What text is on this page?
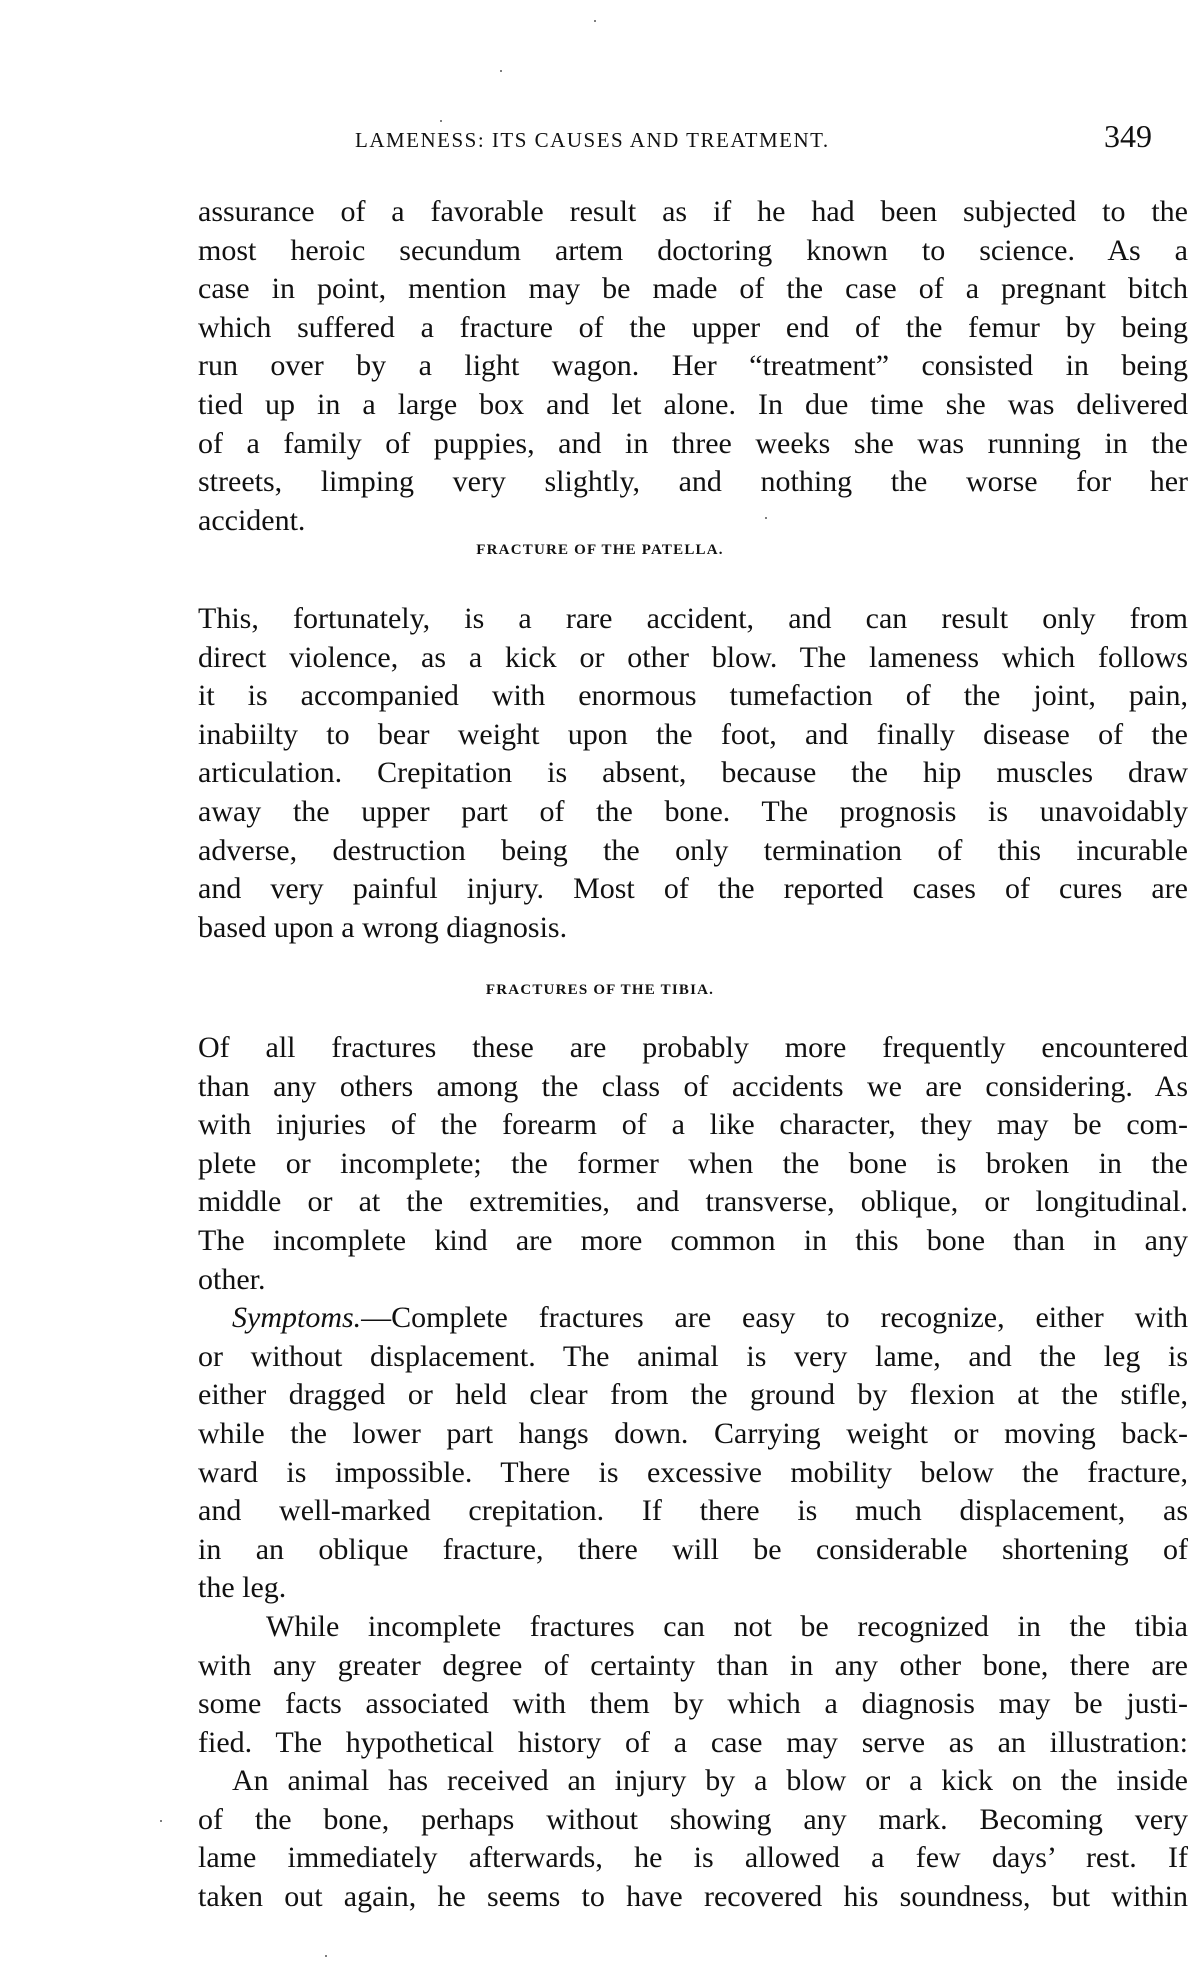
LAMENESS: ITS CAUSES AND TREATMENT.	349
assurance of a favorable result as if he had been subjected to the
most heroic secundum artem doctoring known to science. As a
case in point, mention may be made of the case of a pregnant bitch
which suffered a fracture of the upper end of the femur by being
run over by a light wagon. Her “treatment” consisted in being
tied up in a large box and let alone. In due time she was delivered
of a family of puppies, and in three weeks she was running in the
streets, limping very slightly, and nothing the worse for her
accident.
FRACTURE OF THE PATELLA.
This, fortunately, is a rare accident, and can result only from
direct violence, as a kick or other blow. The lameness which follows
it is accompanied with enormous tumefaction of the joint, pain,
inabiilty to bear weight upon the foot, and finally disease of the
articulation. Crepitation is absent, because the hip muscles draw
away the upper part of the bone. The prognosis is unavoidably
adverse, destruction being the only termination of this incurable
and very painful injury. Most of the reported cases of cures are
based upon a wrong diagnosis.
FRACTURES OF THE TIBIA.
Of all fractures these are probably more frequently encountered
than any others among the class of accidents we are considering. As
with injuries of the forearm of a like character, they may be com-
plete or incomplete; the former when the bone is broken in the
middle or at the extremities, and transverse, oblique, or longitudinal.
The incomplete kind are more common in this bone than in any
other.
Symptoms.—Complete fractures are easy to recognize, either with
or without displacement. The animal is very lame, and the leg is
either dragged or held clear from the ground by flexion at the stifle,
while the lower part hangs down. Carrying weight or moving back-
ward is impossible. There is excessive mobility below the fracture,
and well-marked crepitation. If there is much displacement, as
in an oblique fracture, there will be considerable shortening of
the leg.
While incomplete fractures can not be recognized in the tibia
with any greater degree of certainty than in any other bone, there are
some facts associated with them by which a diagnosis may be justi-
fied. The hypothetical history of a case may serve as an illustration:
An animal has received an injury by a blow or a kick on the inside
of the bone, perhaps without showing any mark. Becoming very
lame immediately afterwards, he is allowed a few days’ rest. If
taken out again, he seems to have recovered his soundness, but within
